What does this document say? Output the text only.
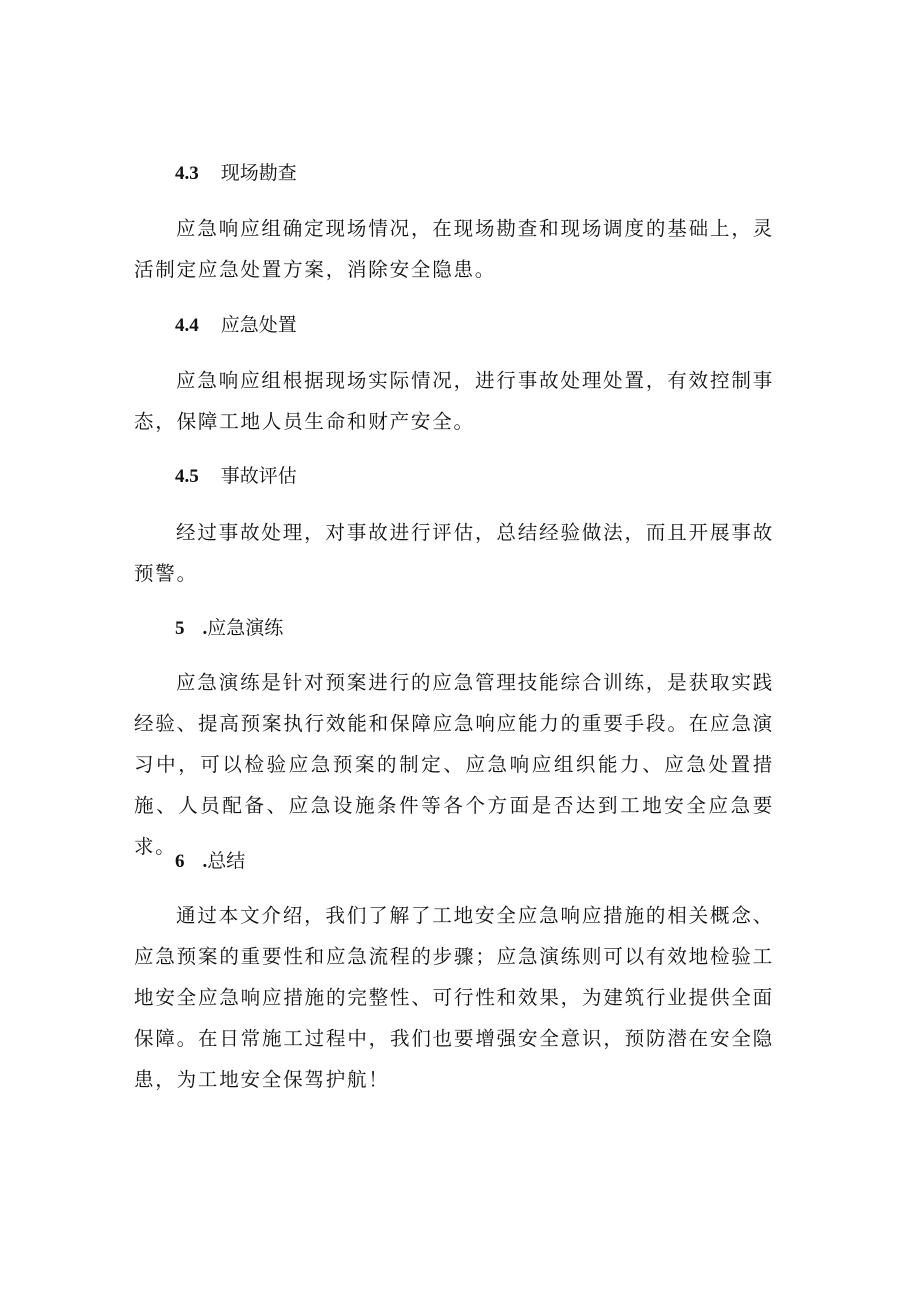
4.3 现场勘查

应急响应组确定现场情况，在现场勘查和现场调度的基础上，灵活制定应急处置方案，消除安全隐患。

4.4 应急处置

应急响应组根据现场实际情况，进行事故处理处置，有效控制事态，保障工地人员生命和财产安全。

4.5 事故评估

经过事故处理，对事故进行评估，总结经验做法，而且开展事故预警。

5 .应急演练

应急演练是针对预案进行的应急管理技能综合训练，是获取实践经验、提高预案执行效能和保障应急响应能力的重要手段。在应急演习中，可以检验应急预案的制定、应急响应组织能力、应急处置措施、人员配备、应急设施条件等各个方面是否达到工地安全应急要求。

6 .总结

通过本文介绍，我们了解了工地安全应急响应措施的相关概念、应急预案的重要性和应急流程的步骤；应急演练则可以有效地检验工地安全应急响应措施的完整性、可行性和效果，为建筑行业提供全面保障。在日常施工过程中，我们也要增强安全意识，预防潜在安全隐患，为工地安全保驾护航！
